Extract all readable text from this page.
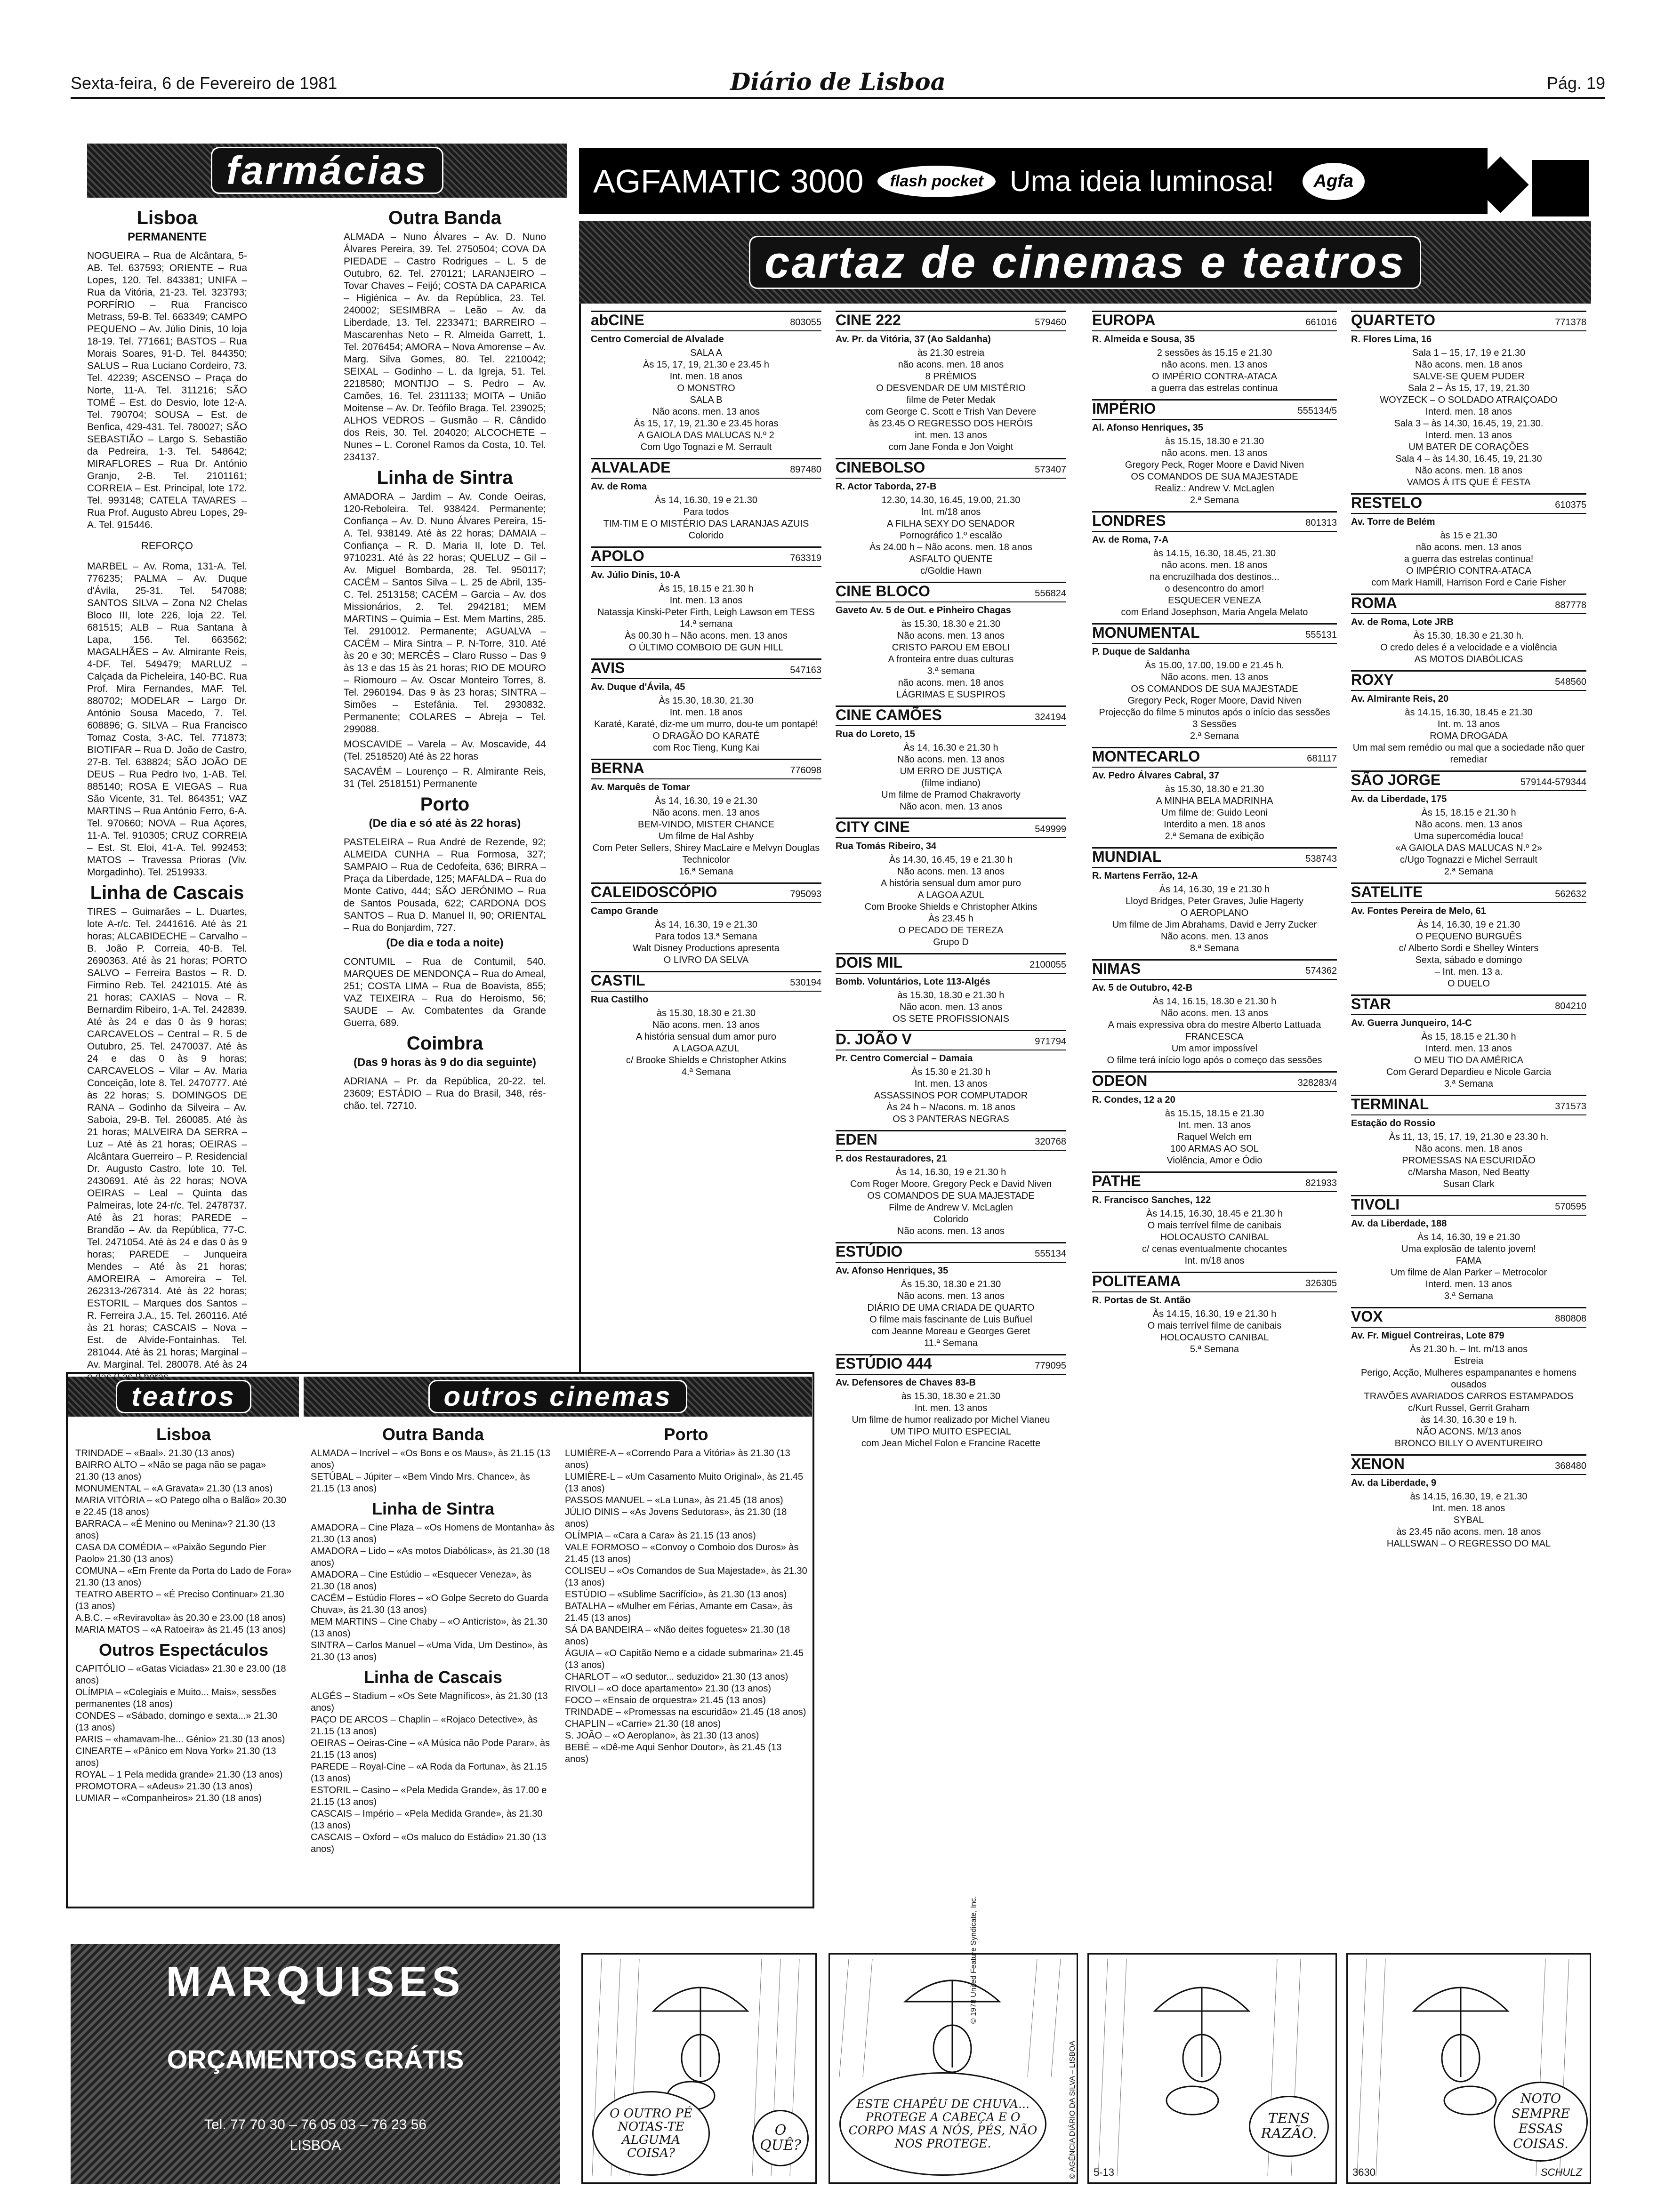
Sexta-feira, 6 de Fevereiro de 1981	Diário de Lisboa	Pág. 19
farmácias
Lisboa
PERMANENTE

NOGUEIRA – Rua de Alcântara, 5-AB. Tel. 637593; ORIENTE – Rua Lopes, 120. Tel. 843381; UNIFA – Rua da Vitória, 21-23. Tel. 323793; PORFÍRIO – Rua Francisco Metrass, 59-B. Tel. 663349; CAMPO PEQUENO – Av. Júlio Dinis, 10 loja 18-19. Tel. 771661; BASTOS – Rua Morais Soares, 91-D. Tel. 844350; SALUS – Rua Luciano Cordeiro, 73. Tel. 42239; ASCENSO – Praça do Norte, 11-A. Tel. 311216; SÃO TOMÉ – Est. do Desvio, lote 12-A. Tel. 790704; SOUSA – Est. de Benfica, 429-431. Tel. 780027; SÃO SEBASTIÃO – Largo S. Sebastião da Pedreira, 1-3. Tel. 548642; MIRAFLORES – Rua Dr. António Granjo, 2-B. Tel. 2101161; CORREIA – Est. Principal, lote 172. Tel. 993148; CATELA TAVARES – Rua Prof. Augusto Abreu Lopes, 29-A. Tel. 915446.

REFORÇO

MARBEL – Av. Roma, 131-A. Tel. 776235; PALMA – Av. Duque d'Ávila, 25-31. Tel. 547088; SANTOS SILVA – Zona N2 Chelas Bloco III, lote 226, loja 22. Tel. 681515; ALB – Rua Santana à Lapa, 156. Tel. 663562; MAGALHÃES – Av. Almirante Reis, 4-DF. Tel. 549479; MARLUZ – Calçada da Picheleira, 140-BC. Rua Prof. Mira Fernandes, MAF. Tel. 880702; MODELAR – Largo Dr. António Sousa Macedo, 7. Tel. 608896; G. SILVA – Rua Francisco Tomaz Costa, 3-AC. Tel. 771873; BIOTIFAR – Rua D. João de Castro, 27-B. Tel. 638824; SÃO JOÃO DE DEUS – Rua Pedro Ivo, 1-AB. Tel. 885140; ROSA E VIEGAS – Rua São Vicente, 31. Tel. 864351; VAZ MARTINS – Rua António Ferro, 6-A. Tel. 970660; NOVA – Rua Açores, 11-A. Tel. 910305; CRUZ CORREIA – Est. St. Eloi, 41-A. Tel. 992453; MATOS – Travessa Prioras (Viv. Morgadinho). Tel. 2519933.

Linha de Cascais

TIRES – Guimarães – L. Duartes, lote A-r/c. Tel. 2441616. Até às 21 horas; ALCABIDECHE – Carvalho – B. João P. Correia, 40-B. Tel. 2690363. Até às 21 horas; PORTO SALVO – Ferreira Bastos – R. D. Firmino Reb. Tel. 2421015. Até às 21 horas; CAXIAS – Nova – R. Bernardim Ribeiro, 1-A. Tel. 242839. Até às 24 e das 0 às 9 horas; CARCAVELOS – Central – R. 5 de Outubro, 25. Tel. 2470037. Até às 24 e das 0 às 9 horas; CARCAVELOS – Vilar – Av. Maria Conceição, lote 8. Tel. 2470777. Até às 22 horas; S. DOMINGOS DE RANA – Godinho da Silveira – Av. Saboia, 29-B. Tel. 260085. Até às 21 horas; MALVEIRA DA SERRA – Luz – Até às 21 horas; OEIRAS – Alcântara Guerreiro – P. Residencial Dr. Augusto Castro, lote 10. Tel. 2430691. Até às 22 horas; NOVA OEIRAS – Leal – Quinta das Palmeiras, lote 24-r/c. Tel. 2478737. Até às 21 horas; PAREDE – Brandão – Av. da República, 77-C. Tel. 2471054. Até às 24 e das 0 às 9 horas; PAREDE – Junqueira Mendes – Até às 21 horas; AMOREIRA – Amoreira – Tel. 262313-/267314. Até às 22 horas; ESTORIL – Marques dos Santos – R. Ferreira J.A., 15. Tel. 260116. Até às 21 horas; CASCAIS – Nova – Est. de Alvide-Fontainhas. Tel. 281044. Até às 21 horas; Marginal – Av. Marginal. Tel. 280078. Até às 24

Outra Banda

ALMADA – Nuno Álvares – Av. D. Nuno Álvares Pereira, 39. Tel. 2750504; COVA DA PIEDADE – Castro Rodrigues – L. 5 de Outubro, 62. Tel. 270121; LARANJEIRO – Tovar Chaves – Feijó; COSTA DA CAPARICA – Higiénica – Av. da República, 23. Tel. 240002; SESIMBRA – Leão – Av. da Liberdade, 13. Tel. 2233471; BARREIRO – Mascarenhas Neto – R. Almeida Garrett, 1. Tel. 2076454; AMORA – Nova Amorense – Av. Marg. Silva Gomes, 80. Tel. 2210042; SEIXAL – Godinho – L. da Igreja, 51. Tel. 2218580; MONTIJO – S. Pedro – Av. Camões, 16. Tel. 2311133; MOITA – União Moitense – Av. Dr. Teófilo Braga. Tel. 239025; ALHOS VEDROS – Gusmão – R. Cândido dos Reis, 30. Tel. 204020; ALCOCHETE – Nunes – L. Coronel Ramos da Costa, 10. Tel. 234137.

Linha de Sintra

AMADORA – Jardim – Av. Conde Oeiras, 120-Reboleira. Tel. 938424. Permanente; Confiança – Av. D. Nuno Álvares Pereira, 15-A. Tel. 938149. Até às 22 horas; DAMAIA – Confiança – R. D. Maria II, lote D. Tel. 9710231. Até às 22 horas; QUELUZ – Gil – Av. Miguel Bombarda, 28. Tel. 950117; CACÉM – Santos Silva – L. 25 de Abril, 135-C. Tel. 2513158; CACÉM – Garcia – Av. dos Missionários, 2. Tel. 2942181; MEM MARTINS – Quimia – Est. Mem Martins, 285. Tel. 2910012. Permanente; AGUALVA – CACÉM – Mira Sintra – P. N-Torre, 310. Até às 20 e 30; MERCÊS – Claro Russo – Das 9 às 13 e das 15 às 21 horas; RIO DE MOURO – Riomouro – Av. Oscar Monteiro Torres, 8. Tel. 2960194. Das 9 às 23 horas; SINTRA – Simões – Estefânia. Tel. 2930832. Permanente; COLARES – Abreja – Tel. 299088.

MOSCAVIDE – Varela – Av. Moscavide, 44 (Tel. 2518520) Até às 22 horas

SACAVÉM – Lourenço – R. Almirante Reis, 31 (Tel. 2518151) Permanente

Porto
(De dia e só até às 22 horas)

PASTELEIRA – Rua André de Rezende, 92; ALMEIDA CUNHA – Rua Formosa, 327; SAMPAIO – Rua de Cedofeita, 636; BIRRA – Praça da Liberdade, 125; MAFALDA – Rua do Monte Cativo, 444; SÃO JERÓNIMO – Rua de Santos Pousada, 622; CARDONA DOS SANTOS – Rua D. Manuel II, 90; ORIENTAL – Rua do Bonjardim, 727.

(De dia e toda a noite)

CONTUMIL – Rua de Contumil, 540. MARQUES DE MENDONÇA – Rua do Ameal, 251; COSTA LIMA – Rua de Boavista, 855; VAZ TEIXEIRA – Rua do Heroismo, 56; SAUDE – Av. Combatentes da Grande Guerra, 689.

Coimbra
(Das 9 horas às 9 do dia seguinte)

ADRIANA – Pr. da República, 20-22. tel. 23609; ESTÁDIO – Rua do Brasil, 348, rés-chão. tel. 72710.

AGFAMATIC 3000	flash pocket Uma ideia luminosa!	Agfa
cartaz de cinemas e teatros
abCINE	803055
Centro Comercial de Alvalade
SALA A
Às 15, 17, 19, 21.30 e 23.45 h
Int. men. 18 anos
O MONSTRO
SALA B
Não acons. men. 13 anos
Às 15, 17, 19, 21.30 e 23.45 horas
A GAIOLA DAS MALUCAS N.º 2
Com Ugo Tognazi e M. Serrault
ALVALADE	897480
Av. de Roma
Às 14, 16.30, 19 e 21.30
Para todos
TIM-TIM E O MISTÉRIO DAS LARANJAS AZUIS
Colorido
APOLO	763319
Av. Júlio Dinis, 10-A
Às 15, 18.15 e 21.30 h
Int. men. 13 anos
Natassja Kinski-Peter Firth, Leigh Lawson em TESS
14.ª semana
Às 00.30 h – Não acons. men. 13 anos
O ÚLTIMO COMBOIO DE GUN HILL
AVIS	547163
Av. Duque d'Ávila, 45
Às 15.30, 18.30, 21.30
Int. men. 18 anos
Karaté, Karaté, diz-me um murro, dou-te um pontapé!
O DRAGÃO DO KARATÉ
com Roc Tieng, Kung Kai
BERNA	776098
Av. Marquês de Tomar
Às 14, 16.30, 19 e 21.30
Não acons. men. 13 anos
BEM-VINDO, MISTER CHANCE
Um filme de Hal Ashby
Com Peter Sellers, Shirey MacLaire e Melvyn Douglas
Technicolor
16.ª Semana
CALEIDOSCÓPIO	795093
Campo Grande
Às 14, 16.30, 19 e 21.30
Para todos 13.ª Semana
Walt Disney Productions apresenta
O LIVRO DA SELVA
CASTIL	530194
Rua Castilho
às 15.30, 18.30 e 21.30
Não acons. men. 13 anos
A história sensual dum amor puro
A LAGOA AZUL
c/ Brooke Shields e Christopher Atkins
4.ª Semana
CINE 222	579460
Av. Pr. da Vitória, 37 (Ao Saldanha)
às 21.30 estreia
não acons. men. 18 anos
8 PRÉMIOS
O DESVENDAR DE UM MISTÉRIO
filme de Peter Medak
com George C. Scott e Trish Van Devere
às 23.45 O REGRESSO DOS HERÓIS
int. men. 13 anos
com Jane Fonda e Jon Voight
CINEBOLSO	573407
R. Actor Taborda, 27-B
12.30, 14.30, 16.45, 19.00, 21.30
Int. m/18 anos
A FILHA SEXY DO SENADOR
Pornográfico 1.º escalão
Às 24.00 h – Não acons. men. 18 anos
ASFALTO QUENTE
c/Goldie Hawn
CINE BLOCO	556824
Gaveto Av. 5 de Out. e Pinheiro Chagas
às 15.30, 18.30 e 21.30
Não acons. men. 13 anos
CRISTO PAROU EM EBOLI
A fronteira entre duas culturas
3.ª semana
não acons. men. 18 anos
LÁGRIMAS E SUSPIROS
CINE CAMÕES	324194
Rua do Loreto, 15
Às 14, 16.30 e 21.30 h
Não acons. men. 13 anos
UM ERRO DE JUSTIÇA
(filme indiano)
Um filme de Pramod Chakravorty
Não acon. men. 13 anos
CITY CINE	549999
Rua Tomás Ribeiro, 34
Às 14.30, 16.45, 19 e 21.30 h
Não acons. men. 13 anos
A história sensual dum amor puro
A LAGOA AZUL
Com Brooke Shields e Christopher Atkins
Às 23.45 h
O PECADO DE TEREZA
Grupo D
DOIS MIL	2100055
Bomb. Voluntários, Lote 113-Algés
às 15.30, 18.30 e 21.30 h
Não acon. men. 13 anos
OS SETE PROFISSIONAIS
D. JOÃO V	971794
Pr. Centro Comercial – Damaia
Às 15.30 e 21.30 h
Int. men. 13 anos
ASSASSINOS POR COMPUTADOR
Às 24 h – N/acons. m. 18 anos
OS 3 PANTERAS NEGRAS
EDEN	320768
P. dos Restauradores, 21
Às 14, 16.30, 19 e 21.30 h
Com Roger Moore, Gregory Peck e David Niven
OS COMANDOS DE SUA MAJESTADE
Filme de Andrew V. McLaglen
Colorido
Não acons. men. 13 anos
ESTÚDIO	555134
Av. Afonso Henriques, 35
Às 15.30, 18.30 e 21.30
Não acons. men. 13 anos
DIÁRIO DE UMA CRIADA DE QUARTO
O filme mais fascinante de Luis Buñuel
com Jeanne Moreau e Georges Geret
11.ª Semana
ESTÚDIO 444	779095
Av. Defensores de Chaves 83-B
às 15.30, 18.30 e 21.30
Int. men. 13 anos
Um filme de humor realizado por Michel Vianeu
UM TIPO MUITO ESPECIAL
com Jean Michel Folon e Francine Racette
EUROPA	661016
R. Almeida e Sousa, 35
2 sessões às 15.15 e 21.30
não acons. men. 13 anos
O IMPÉRIO CONTRA-ATACA
a guerra das estrelas continua
IMPÉRIO	555134/5
Al. Afonso Henriques, 35
às 15.15, 18.30 e 21.30
não acons. men. 13 anos
Gregory Peck, Roger Moore e David Niven
OS COMANDOS DE SUA MAJESTADE
Realiz.: Andrew V. McLaglen
2.ª Semana
LONDRES	801313
Av. de Roma, 7-A
às 14.15, 16.30, 18.45, 21.30
não acons. men. 18 anos
na encruzilhada dos destinos...
o desencontro do amor!
ESQUECER VENEZA
com Erland Josephson, Maria Angela Melato
MONUMENTAL	555131
P. Duque de Saldanha
Às 15.00, 17.00, 19.00 e 21.45 h.
Não acons. men. 13 anos
OS COMANDOS DE SUA MAJESTADE
Gregory Peck, Roger Moore, David Niven
Projecção do filme 5 minutos após o início das sessões
3 Sessões
2.ª Semana
MONTECARLO	681117
Av. Pedro Álvares Cabral, 37
às 15.30, 18.30 e 21.30
A MINHA BELA MADRINHA
Um filme de: Guido Leoni
Interdito a men. 18 anos
2.ª Semana de exibição
MUNDIAL	538743
R. Martens Ferrão, 12-A
Às 14, 16.30, 19 e 21.30 h
Lloyd Bridges, Peter Graves, Julie Hagerty
O AEROPLANO
Um filme de Jim Abrahams, David e Jerry Zucker
Não acons. men. 13 anos
8.ª Semana
NIMAS	574362
Av. 5 de Outubro, 42-B
Às 14, 16.15, 18.30 e 21.30 h
Não acons. men. 13 anos
A mais expressiva obra do mestre Alberto Lattuada
FRANCESCA
Um amor impossível
O filme terá início logo após o começo das sessões
ODEON	328283/4
R. Condes, 12 a 20
às 15.15, 18.15 e 21.30
Int. men. 13 anos
Raquel Welch em
100 ARMAS AO SOL
Violência, Amor e Ódio
PATHE	821933
R. Francisco Sanches, 122
Às 14.15, 16.30, 18.45 e 21.30 h
O mais terrível filme de canibais
HOLOCAUSTO CANIBAL
c/ cenas eventualmente chocantes
Int. m/18 anos
POLITEAMA	326305
R. Portas de St. Antão
Às 14.15, 16.30, 19 e 21.30 h
O mais terrível filme de canibais
HOLOCAUSTO CANIBAL
5.ª Semana
QUARTETO	771378
R. Flores Lima, 16
Sala 1 – 15, 17, 19 e 21.30
Não acons. men. 18 anos
SALVE-SE QUEM PUDER
Sala 2 – Às 15, 17, 19, 21.30
WOYZECK – O SOLDADO ATRAIÇOADO
Interd. men. 18 anos
Sala 3 – às 14.30, 16.45, 19, 21.30.
Interd. men. 13 anos
UM BATER DE CORAÇÕES
Sala 4 – às 14.30, 16.45, 19, 21.30
Não acons. men. 18 anos
VAMOS À ITS QUE É FESTA
RESTELO	610375
Av. Torre de Belém
às 15 e 21.30
não acons. men. 13 anos
a guerra das estrelas continua!
O IMPÉRIO CONTRA-ATACA
com Mark Hamill, Harrison Ford e Carie Fisher
ROMA	887778
Av. de Roma, Lote JRB
Às 15.30, 18.30 e 21.30 h.
O credo deles é a velocidade e a violência
AS MOTOS DIABÓLICAS
ROXY	548560
Av. Almirante Reis, 20
às 14.15, 16.30, 18.45 e 21.30
Int. m. 13 anos
ROMA DROGADA
Um mal sem remédio ou mal que a sociedade não quer remediar
SÃO JORGE	579144-579344
Av. da Liberdade, 175
Às 15, 18.15 e 21.30 h
Não acons. men. 13 anos
Uma supercomédia louca!
«A GAIOLA DAS MALUCAS N.º 2»
c/Ugo Tognazzi e Michel Serrault
2.ª Semana
SATELITE	562632
Av. Fontes Pereira de Melo, 61
Às 14, 16.30, 19 e 21.30
O PEQUENO BURGUÊS
c/ Alberto Sordi e Shelley Winters
Sexta, sábado e domingo
– Int. men. 13 a.
O DUELO
STAR	804210
Av. Guerra Junqueiro, 14-C
Às 15, 18.15 e 21.30 h
Interd. men. 13 anos
O MEU TIO DA AMÉRICA
Com Gerard Depardieu e Nicole Garcia
3.ª Semana
TERMINAL	371573
Estação do Rossio
Às 11, 13, 15, 17, 19, 21.30 e 23.30 h.
Não acons. men. 18 anos
PROMESSAS NA ESCURIDÃO
c/Marsha Mason, Ned Beatty
Susan Clark
TIVOLI	570595
Av. da Liberdade, 188
Às 14, 16.30, 19 e 21.30
Uma explosão de talento jovem!
FAMA
Um filme de Alan Parker – Metrocolor
Interd. men. 13 anos
3.ª Semana
VOX	880808
Av. Fr. Miguel Contreiras, Lote 879
Às 21.30 h. – Int. m/13 anos
Estreia
Perigo, Acção, Mulheres espampanantes e homens ousados
TRAVÕES AVARIADOS CARROS ESTAMPADOS
c/Kurt Russel, Gerrit Graham
às 14.30, 16.30 e 19 h.
NÃO ACONS. M/13 anos
BRONCO BILLY O AVENTUREIRO
XENON	368480
Av. da Liberdade, 9
às 14.15, 16.30, 19, e 21.30
Int. men. 18 anos
SYBAL
às 23.45 não acons. men. 18 anos
HALLSWAN – O REGRESSO DO MAL
teatros	outros cinemas
Lisboa

TRINDADE – «Baal». 21.30 (13 anos)
BAIRRO ALTO – «Não se paga não se paga» 21.30 (13 anos)
MONUMENTAL – «A Gravata» 21.30 (13 anos)
MARIA VITÓRIA – «O Patego olha o Balão» 20.30 e 22.45 (18 anos)
BARRACA – «É Menino ou Menina»? 21.30 (13 anos)
CASA DA COMÉDIA – «Paixão Segundo Pier Paolo» 21.30 (13 anos)
COMUNA – «Em Frente da Porta do Lado de Fora» 21.30 (13 anos)
TEATRO ABERTO – «É Preciso Continuar» 21.30 (13 anos)
A.B.C. – «Reviravolta» às 20.30 e 23.00 (18 anos)
MARIA MATOS – «A Ratoeira» às 21.45 (13 anos)

Outros Espectáculos

CAPITÓLIO – «Gatas Viciadas» 21.30 e 23.00 (18 anos)
OLÍMPIA – «Colegiais e Muito... Mais», sessões permanentes (18 anos)
CONDES – «Sábado, domingo e sexta...» 21.30 (13 anos)
PARIS – «hamavam-lhe... Génio» 21.30 (13 anos)
CINEARTE – «Pânico em Nova York» 21.30 (13 anos)
ROYAL – 1 Pela medida grande» 21.30 (13 anos)
PROMOTORA – «Adeus» 21.30 (13 anos)
LUMIAR – «Companheiros» 21.30 (18 anos)

Outra Banda

ALMADA – Incrível – «Os Bons e os Maus», às 21.15 (13 anos)
SETÚBAL – Júpiter – «Bem Vindo Mrs. Chance», às 21.15 (13 anos)

Linha de Sintra

AMADORA – Cine Plaza – «Os Homens de Montanha» às 21.30 (13 anos)
AMADORA – Lido – «As motos Diabólicas», às 21.30 (18 anos)
AMADORA – Cine Estúdio – «Esquecer Veneza», às 21.30 (18 anos)
CACÉM – Estúdio Flores – «O Golpe Secreto do Guarda Chuva», às 21.30 (13 anos)
MEM MARTINS – Cine Chaby – «O Anticristo», às 21.30 (13 anos)
SINTRA – Carlos Manuel – «Uma Vida, Um Destino», às 21.30 (13 anos)

Linha de Cascais

ALGÉS – Stadium – «Os Sete Magníficos», às 21.30 (13 anos)
PAÇO DE ARCOS – Chaplin – «Rojaco Detective», às 21.15 (13 anos)
OEIRAS – Oeiras-Cine – «A Música não Pode Parar», às 21.15 (13 anos)
PAREDE – Royal-Cine – «A Roda da Fortuna», às 21.15 (13 anos)
ESTORIL – Casino – «Pela Medida Grande», às 17.00 e 21.15 (13 anos)
CASCAIS – Império – «Pela Medida Grande», às 21.30 (13 anos)
CASCAIS – Oxford – «Os maluco do Estádio» 21.30 (13 anos)

Porto

LUMIÈRE-A – «Correndo Para a Vitória» às 21.30 (13 anos)
LUMIÈRE-L – «Um Casamento Muito Original», às 21.45 (13 anos)
PASSOS MANUEL – «La Luna», às 21.45 (18 anos)
JÚLIO DINIS – «As Jovens Sedutoras», às 21.30 (18 anos)
OLÍMPIA – «Cara a Cara» às 21.15 (13 anos)
VALE FORMOSO – «Convoy o Comboio dos Duros» às 21.45 (13 anos)
COLISEU – «Os Comandos de Sua Majestade», às 21.30 (13 anos)
ESTÚDIO – «Sublime Sacrifício», às 21.30 (13 anos)
BATALHA – «Mulher em Férias, Amante em Casa», às 21.45 (13 anos)
SÁ DA BANDEIRA – «Não deites foguetes» 21.30 (18 anos)
ÁGUIA – «O Capitão Nemo e a cidade submarina» 21.45 (13 anos)
CHARLOT – «O sedutor... seduzido» 21.30 (13 anos)
RIVOLI – «O doce apartamento» 21.30 (13 anos)
FOCO – «Ensaio de orquestra» 21.45 (13 anos)
TRINDADE – «Promessas na escuridão» 21.45 (18 anos)
CHAPLIN – «Carrie» 21.30 (18 anos)
S. JOÃO – «O Aeroplano», às 21.30 (13 anos)
BEBÉ – «Dê-me Aqui Senhor Doutor», às 21.45 (13 anos)

MARQUISES
ORÇAMENTOS GRÁTIS
Tel. 77 70 30 – 76 05 03 – 76 23 56
LISBOA
O OUTRO PÉ NOTAS-TE ALGUMA COISA?
O QUÊ?
ESTE CHAPÉU DE CHUVA... PROTEGE A CABEÇA E O CORPO MAS A NÓS, PÉS, NÃO NOS PROTEGE.
TENS RAZÃO.
5-13
NOTO SEMPRE ESSAS COISAS.
3630	SCHULZ
© 1978 United Feature Syndicate, Inc.
© AGÊNCIA DIÁRIO DA SILVA – LISBOA
